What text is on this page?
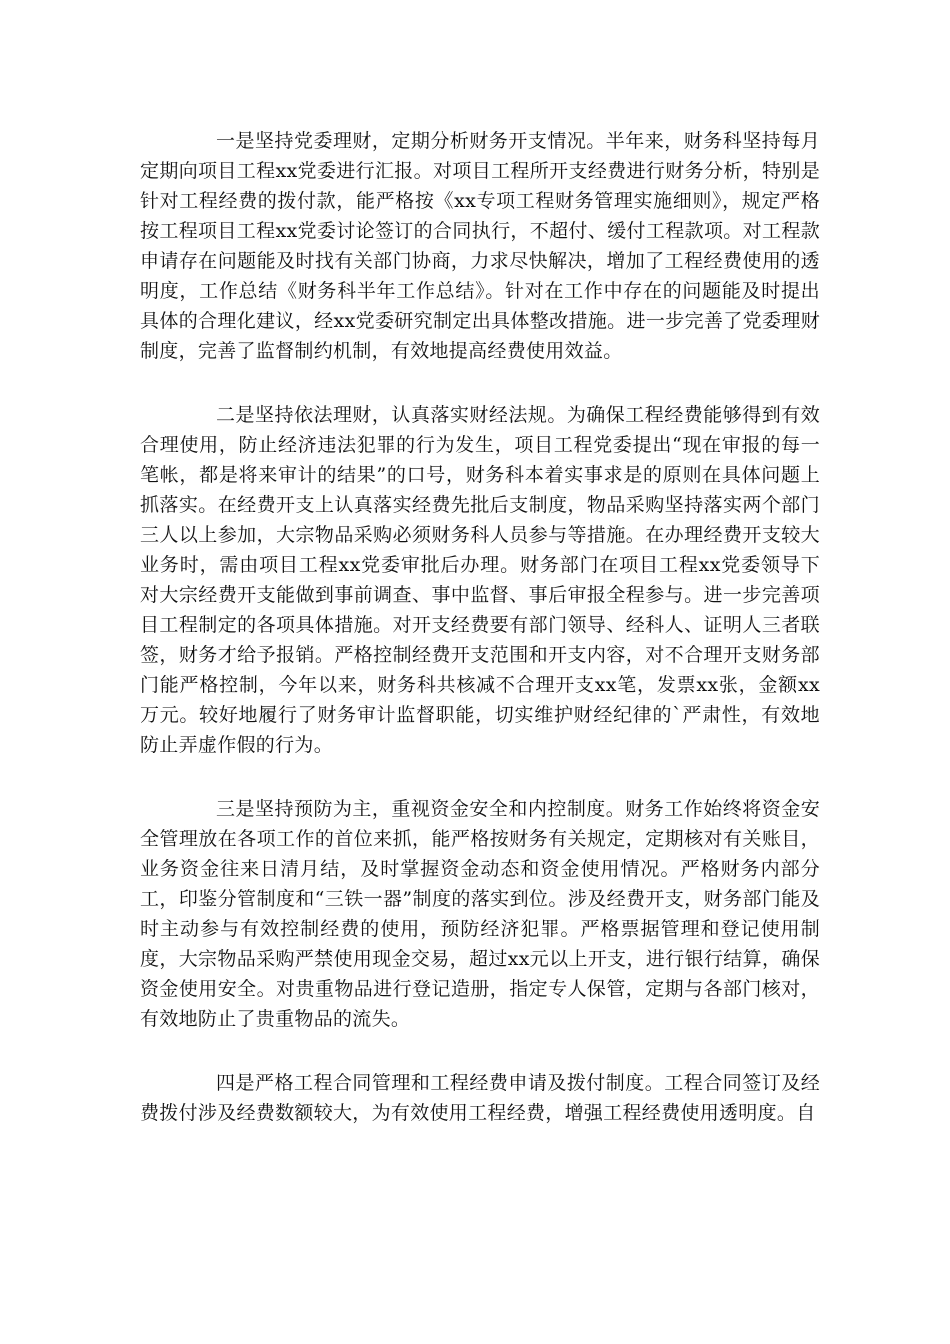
一是坚持党委理财，定期分析财务开支情况。半年来，财务科坚持每月定期向项目工程xx党委进行汇报。对项目工程所开支经费进行财务分析，特别是针对工程经费的拨付款，能严格按《xx专项工程财务管理实施细则》，规定严格按工程项目工程xx党委讨论签订的合同执行，不超付、缓付工程款项。对工程款申请存在问题能及时找有关部门协商，力求尽快解决，增加了工程经费使用的透明度，工作总结《财务科半年工作总结》。针对在工作中存在的问题能及时提出具体的合理化建议，经xx党委研究制定出具体整改措施。进一步完善了党委理财制度，完善了监督制约机制，有效地提高经费使用效益。

二是坚持依法理财，认真落实财经法规。为确保工程经费能够得到有效合理使用，防止经济违法犯罪的行为发生，项目工程党委提出“现在审报的每一笔帐，都是将来审计的结果”的口号，财务科本着实事求是的原则在具体问题上抓落实。在经费开支上认真落实经费先批后支制度，物品采购坚持落实两个部门三人以上参加，大宗物品采购必须财务科人员参与等措施。在办理经费开支较大业务时，需由项目工程xx党委审批后办理。财务部门在项目工程xx党委领导下对大宗经费开支能做到事前调查、事中监督、事后审报全程参与。进一步完善项目工程制定的各项具体措施。对开支经费要有部门领导、经科人、证明人三者联签，财务才给予报销。严格控制经费开支范围和开支内容，对不合理开支财务部门能严格控制，今年以来，财务科共核减不合理开支xx笔，发票xx张，金额xx万元。较好地履行了财务审计监督职能，切实维护财经纪律的`严肃性，有效地防止弄虚作假的行为。

三是坚持预防为主，重视资金安全和内控制度。财务工作始终将资金安全管理放在各项工作的首位来抓，能严格按财务有关规定，定期核对有关账目，业务资金往来日清月结，及时掌握资金动态和资金使用情况。严格财务内部分工，印鉴分管制度和“三铁一器”制度的落实到位。涉及经费开支，财务部门能及时主动参与有效控制经费的使用，预防经济犯罪。严格票据管理和登记使用制度，大宗物品采购严禁使用现金交易，超过xx元以上开支，进行银行结算，确保资金使用安全。对贵重物品进行登记造册，指定专人保管，定期与各部门核对，有效地防止了贵重物品的流失。

四是严格工程合同管理和工程经费申请及拨付制度。工程合同签订及经费拨付涉及经费数额较大，为有效使用工程经费，增强工程经费使用透明度。自
